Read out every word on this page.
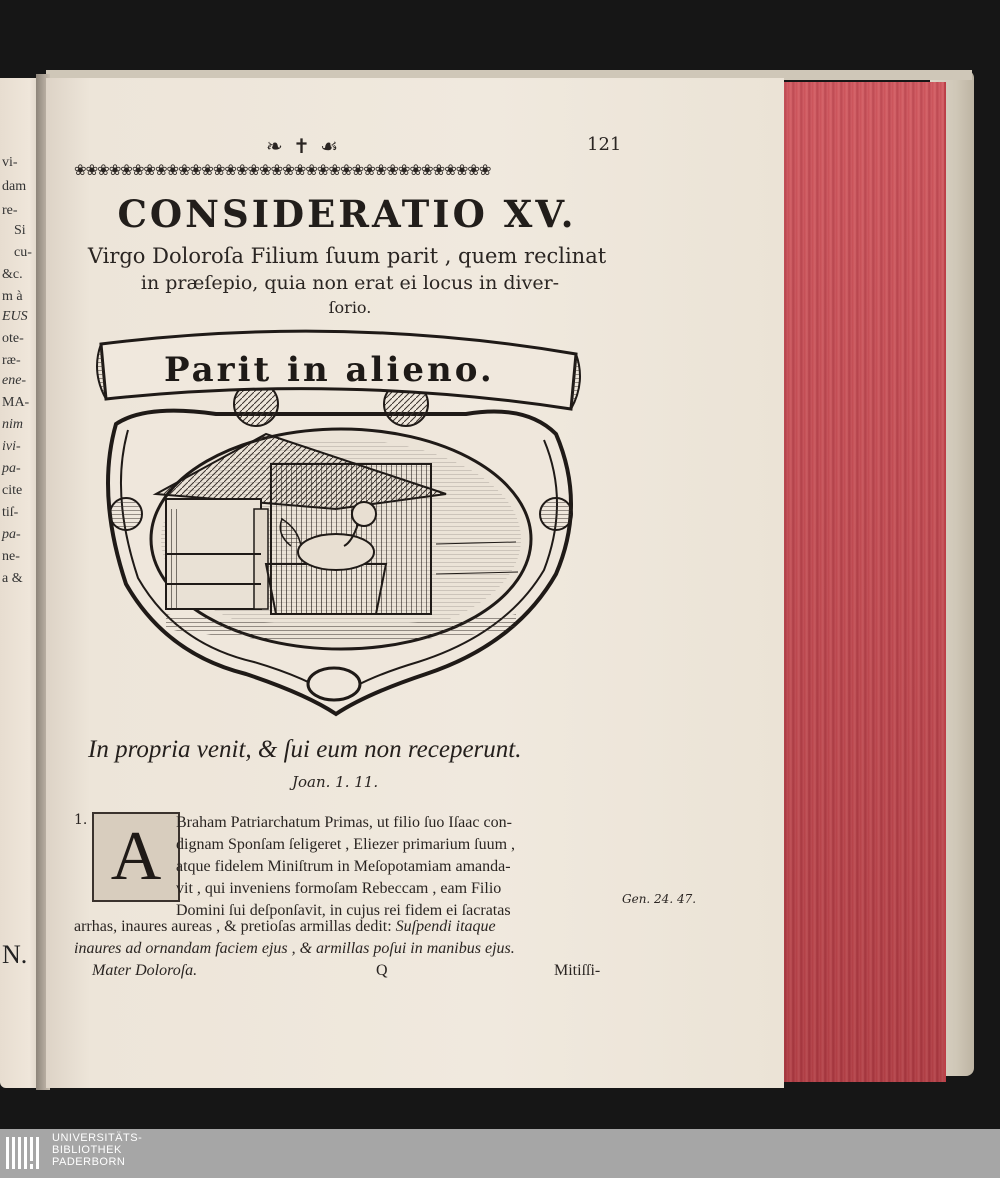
vi-
dam
re-
Si
cu-
&c.
m à
EUS
ote-
ræ-
ene-
MA-
nim
ivi-
pa-
cite
tiſ-
pa-
ne-
a &
N.
❧ ✝ ☙	121
❀❀❀❀❀❀❀❀❀❀❀❀❀❀❀❀❀❀❀❀❀❀❀❀❀❀❀❀❀❀❀❀❀❀❀❀
CONSIDERATIO XV.
Virgo Doloroſa Filium ſuum parit , quem reclinat
in præſepio, quia non erat ei locus in diver-
ſorio.
Parit in alieno.
In propria venit, & ſui eum non receperunt.
Joan. 1. 11.
1. A Braham Patriarchatum Primas, ut filio ſuo Iſaac con-
dignam Sponſam ſeligeret , Eliezer primarium ſuum ,
atque fidelem Miniſtrum in Meſopotamiam amanda-
vit , qui inveniens formoſam Rebeccam , eam Filio
Domini ſui deſponſavit, in cujus rei fidem ei ſacratas
arrhas, inaures aureas , & pretioſas armillas dedit: Suſpendi itaque
inaures ad ornandam faciem ejus , & armillas poſui in manibus ejus.
Gen. 24. 47.
Mater Doloroſa.	Q	Mitiſſi-
UNIVERSITÄTS-
BIBLIOTHEK
PADERBORN
